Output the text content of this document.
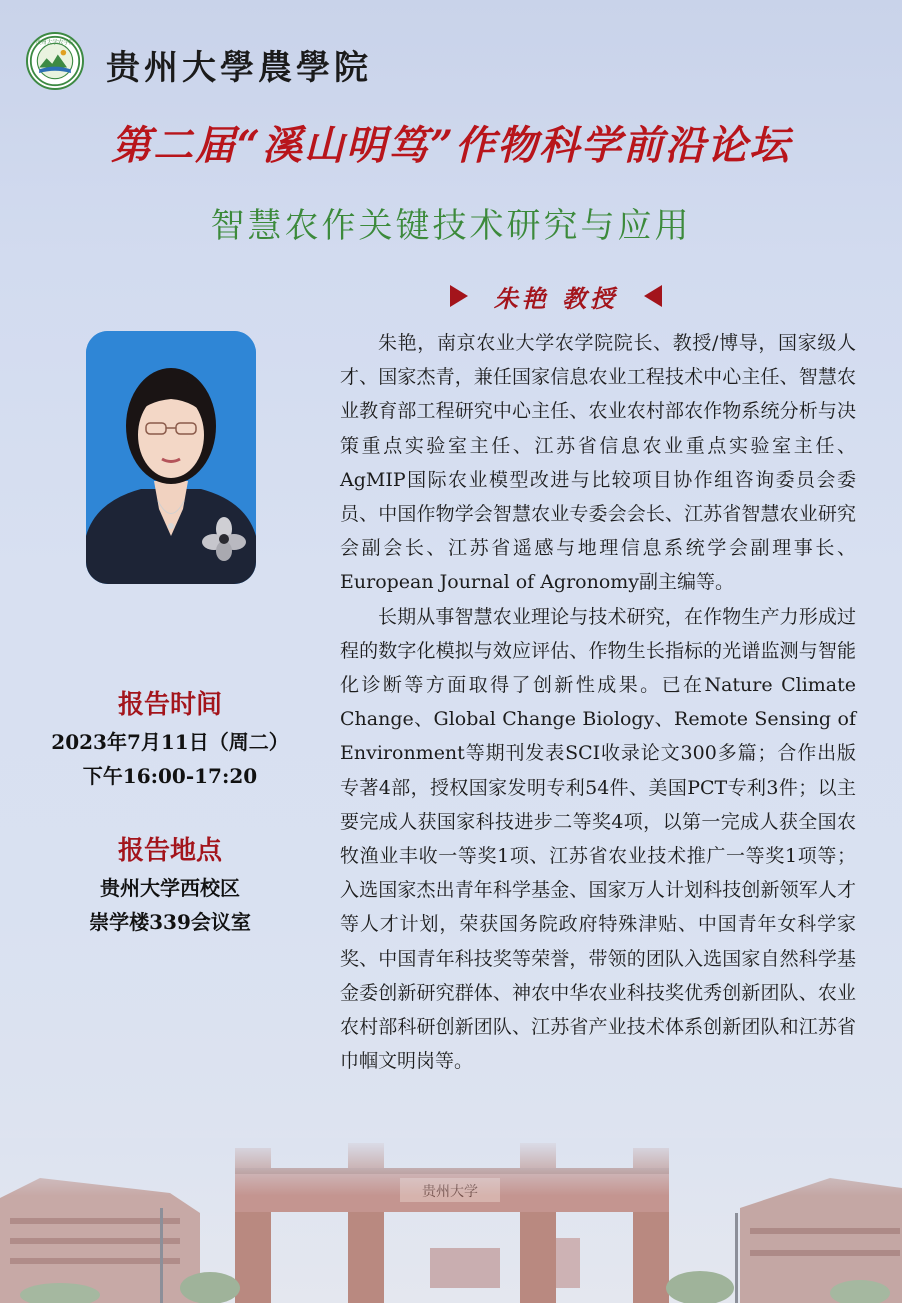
贵州大学农学院
贵州大學農學院
第二届“溪山明笃”作物科学前沿论坛
智慧农作关键技术研究与应用
朱艳 教授

朱艳，南京农业大学农学院院长、教授/博导，国家级人才、国家杰青，兼任国家信息农业工程技术中心主任、智慧农业教育部工程研究中心主任、农业农村部农作物系统分析与决策重点实验室主任、江苏省信息农业重点实验室主任、AgMIP国际农业模型改进与比较项目协作组咨询委员会委员、中国作物学会智慧农业专委会会长、江苏省智慧农业研究会副会长、江苏省遥感与地理信息系统学会副理事长、European Journal of Agronomy副主编等。

长期从事智慧农业理论与技术研究，在作物生产力形成过程的数字化模拟与效应评估、作物生长指标的光谱监测与智能化诊断等方面取得了创新性成果。已在Nature Climate Change、Global Change Biology、Remote Sensing of Environment等期刊发表SCI收录论文300多篇；合作出版专著4部，授权国家发明专利54件、美国PCT专利3件；以主要完成人获国家科技进步二等奖4项，以第一完成人获全国农牧渔业丰收一等奖1项、江苏省农业技术推广一等奖1项等；入选国家杰出青年科学基金、国家万人计划科技创新领军人才等人才计划，荣获国务院政府特殊津贴、中国青年女科学家奖、中国青年科技奖等荣誉，带领的团队入选国家自然科学基金委创新研究群体、神农中华农业科技奖优秀创新团队、农业农村部科研创新团队、江苏省产业技术体系创新团队和江苏省巾帼文明岗等。

报告时间
2023年7月11日（周二）
下午16:00-17:20
报告地点
贵州大学西校区
崇学楼339会议室
